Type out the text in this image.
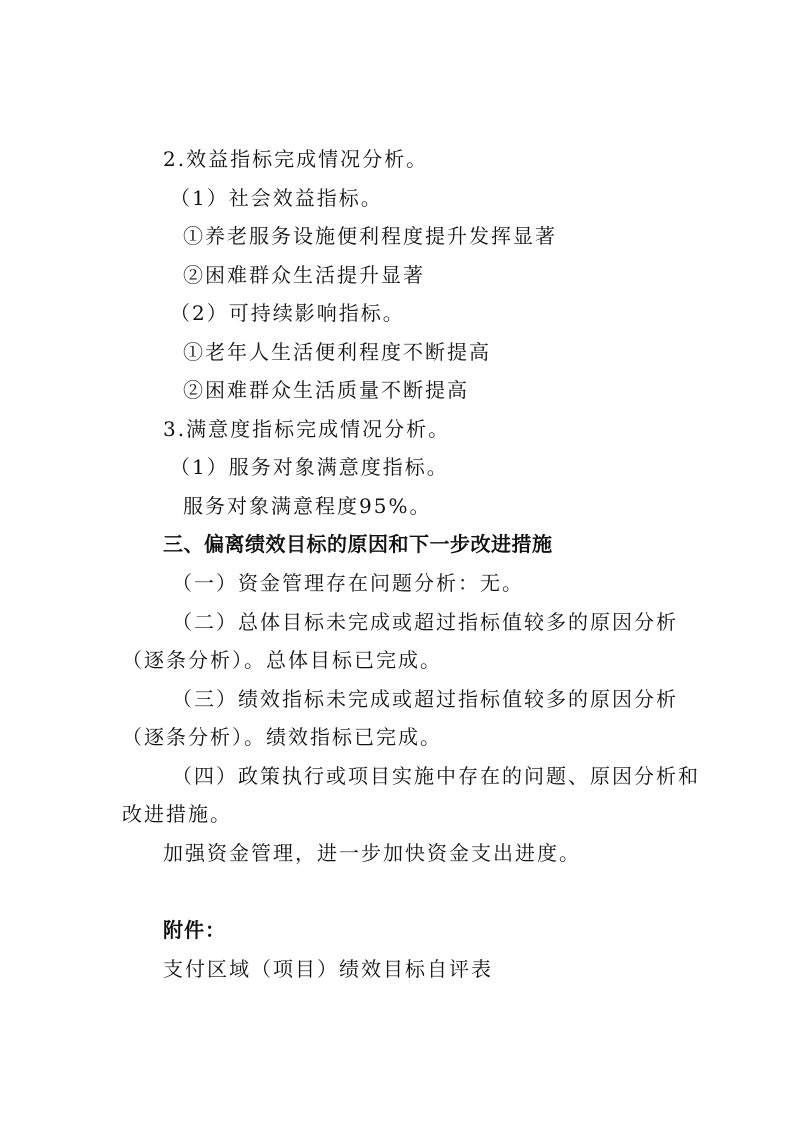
2.效益指标完成情况分析。
（1）社会效益指标。
①养老服务设施便利程度提升发挥显著
②困难群众生活提升显著
（2）可持续影响指标。
①老年人生活便利程度不断提高
②困难群众生活质量不断提高
3.满意度指标完成情况分析。
（1）服务对象满意度指标。
服务对象满意程度95%。
三、偏离绩效目标的原因和下一步改进措施
（一）资金管理存在问题分析：无。
（二）总体目标未完成或超过指标值较多的原因分析
（逐条分析）。总体目标已完成。
（三）绩效指标未完成或超过指标值较多的原因分析
（逐条分析）。绩效指标已完成。
（四）政策执行或项目实施中存在的问题、原因分析和
改进措施。
加强资金管理，进一步加快资金支出进度。
附件：
支付区域（项目）绩效目标自评表
